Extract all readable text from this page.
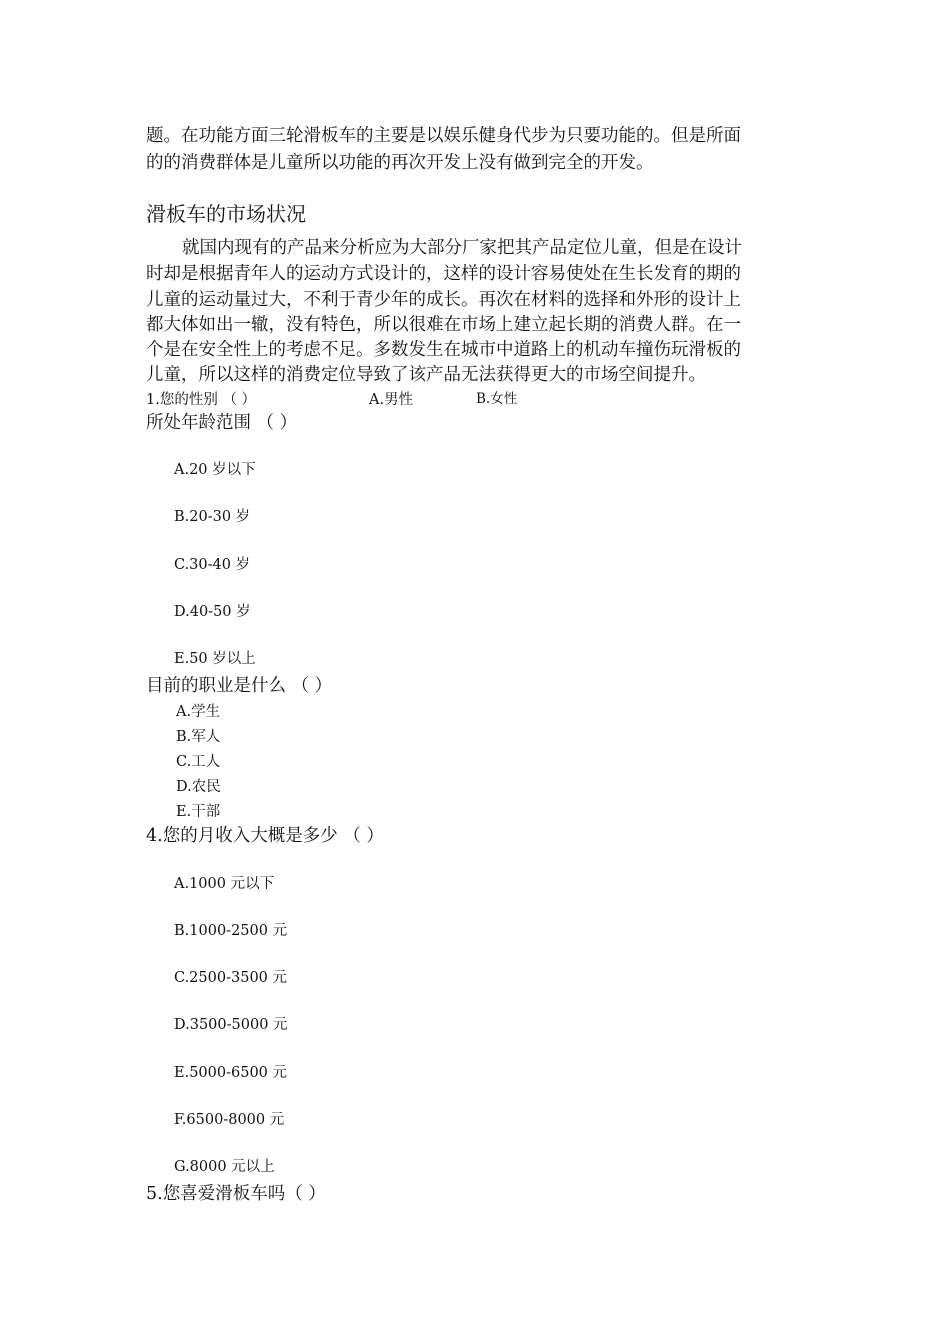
题。在功能方面三轮滑板车的主要是以娱乐健身代步为只要功能的。但是所面
的的消费群体是儿童所以功能的再次开发上没有做到完全的开发。
滑板车的市场状况
就国内现有的产品来分析应为大部分厂家把其产品定位儿童，但是在设计
时却是根据青年人的运动方式设计的，这样的设计容易使处在生长发育的期的
儿童的运动量过大，不利于青少年的成长。再次在材料的选择和外形的设计上
都大体如出一辙，没有特色，所以很难在市场上建立起长期的消费人群。在一
个是在安全性上的考虑不足。多数发生在城市中道路上的机动车撞伤玩滑板的
儿童，所以这样的消费定位导致了该产品无法获得更大的市场空间提升。
1.您的性别 （ ）	A.男性	B.女性
所处年龄范围 （ ）
A.20 岁以下
B.20-30 岁
C.30-40 岁
D.40-50 岁
E.50 岁以上
目前的职业是什么 （ ）
A.学生
B.军人
C.工人
D.农民
E.干部
4.您的月收入大概是多少 （ ）
A.1000 元以下
B.1000-2500 元
C.2500-3500 元
D.3500-5000 元
E.5000-6500 元
F.6500-8000 元
G.8000 元以上
5.您喜爱滑板车吗（ ）
